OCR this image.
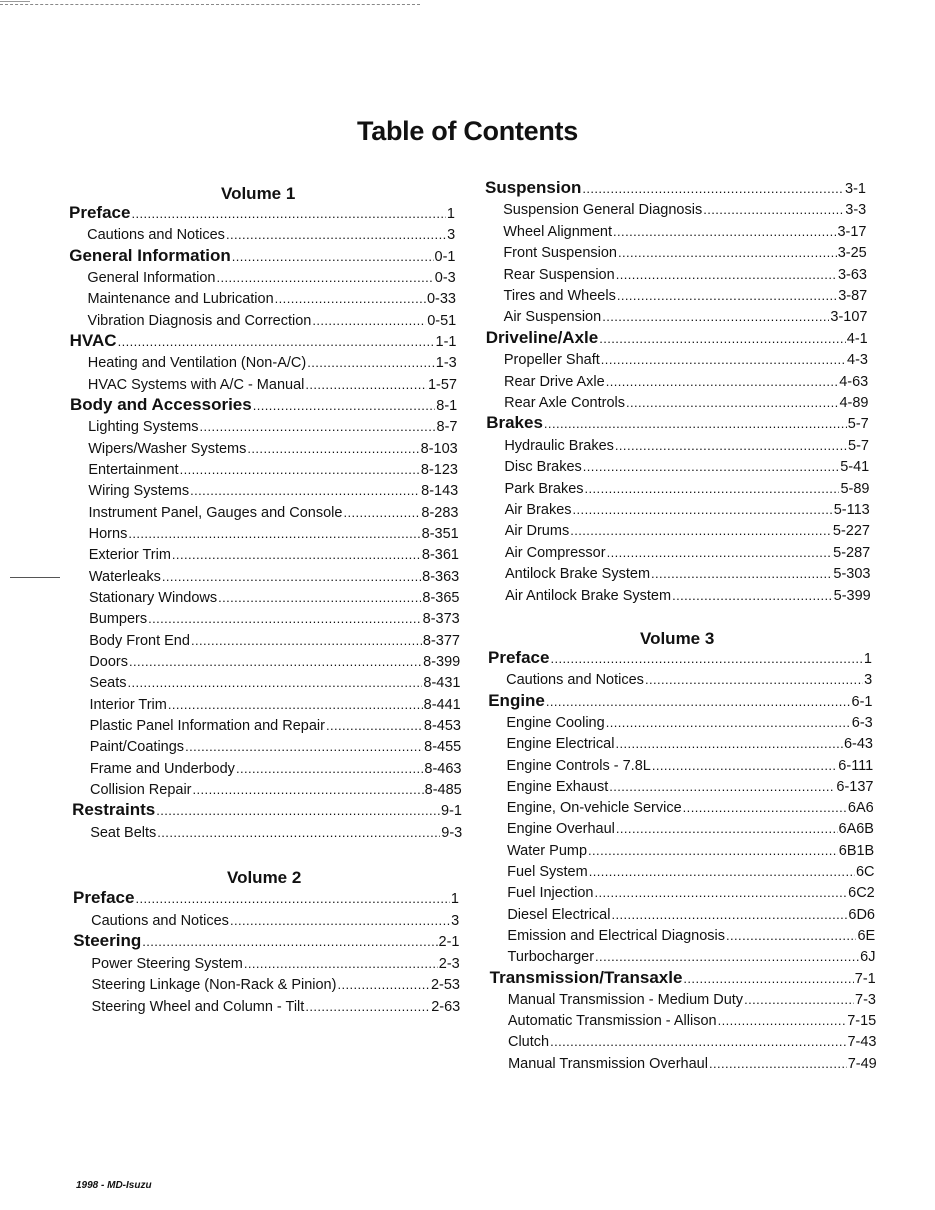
Table of Contents
Volume 1
Volume 2
Volume 3
Preface .....	1
Cautions and Notices .....	3
General Information .....	0-1
General Information .....	0-3
Maintenance and Lubrication .....	0-33
Vibration Diagnosis and Correction .....	0-51
HVAC .....	1-1
Heating and Ventilation (Non-A/C) .....	1-3
HVAC Systems with A/C - Manual .....	1-57
Body and Accessories .....	8-1
Lighting Systems .....	8-7
Wipers/Washer Systems .....	8-103
Entertainment .....	8-123
Wiring Systems .....	8-143
Instrument Panel, Gauges and Console .....	8-283
Horns .....	8-351
Exterior Trim .....	8-361
Waterleaks .....	8-363
Stationary Windows .....	8-365
Bumpers .....	8-373
Body Front End .....	8-377
Doors .....	8-399
Seats .....	8-431
Interior Trim .....	8-441
Plastic Panel Information and Repair .....	8-453
Paint/Coatings .....	8-455
Frame and Underbody .....	8-463
Collision Repair .....	8-485
Restraints .....	9-1
Seat Belts .....	9-3
Preface .....	1
Cautions and Notices .....	3
Steering .....	2-1
Power Steering System .....	2-3
Steering Linkage (Non-Rack & Pinion) .....	2-53
Steering Wheel and Column - Tilt .....	2-63
Suspension .....	3-1
Suspension General Diagnosis .....	3-3
Wheel Alignment .....	3-17
Front Suspension .....	3-25
Rear Suspension .....	3-63
Tires and Wheels .....	3-87
Air Suspension .....	3-107
Driveline/Axle .....	4-1
Propeller Shaft .....	4-3
Rear Drive Axle .....	4-63
Rear Axle Controls .....	4-89
Brakes .....	5-7
Hydraulic Brakes .....	5-7
Disc Brakes .....	5-41
Park Brakes .....	5-89
Air Brakes .....	5-113
Air Drums .....	5-227
Air Compressor .....	5-287
Antilock Brake System .....	5-303
Air Antilock Brake System .....	5-399
Preface .....	1
Cautions and Notices .....	3
Engine .....	6-1
Engine Cooling .....	6-3
Engine Electrical .....	6-43
Engine Controls - 7.8L .....	6-111
Engine Exhaust .....	6-137
Engine, On-vehicle Service .....	6A6
Engine Overhaul .....	6A6B
Water Pump .....	6B1B
Fuel System .....	6C
Fuel Injection .....	6C2
Diesel Electrical .....	6D6
Emission and Electrical Diagnosis .....	6E
Turbocharger .....	6J
Transmission/Transaxle .....	7-1
Manual Transmission - Medium Duty .....	7-3
Automatic Transmission - Allison .....	7-15
Clutch .....	7-43
Manual Transmission Overhaul .....	7-49
1998 - MD-Isuzu
